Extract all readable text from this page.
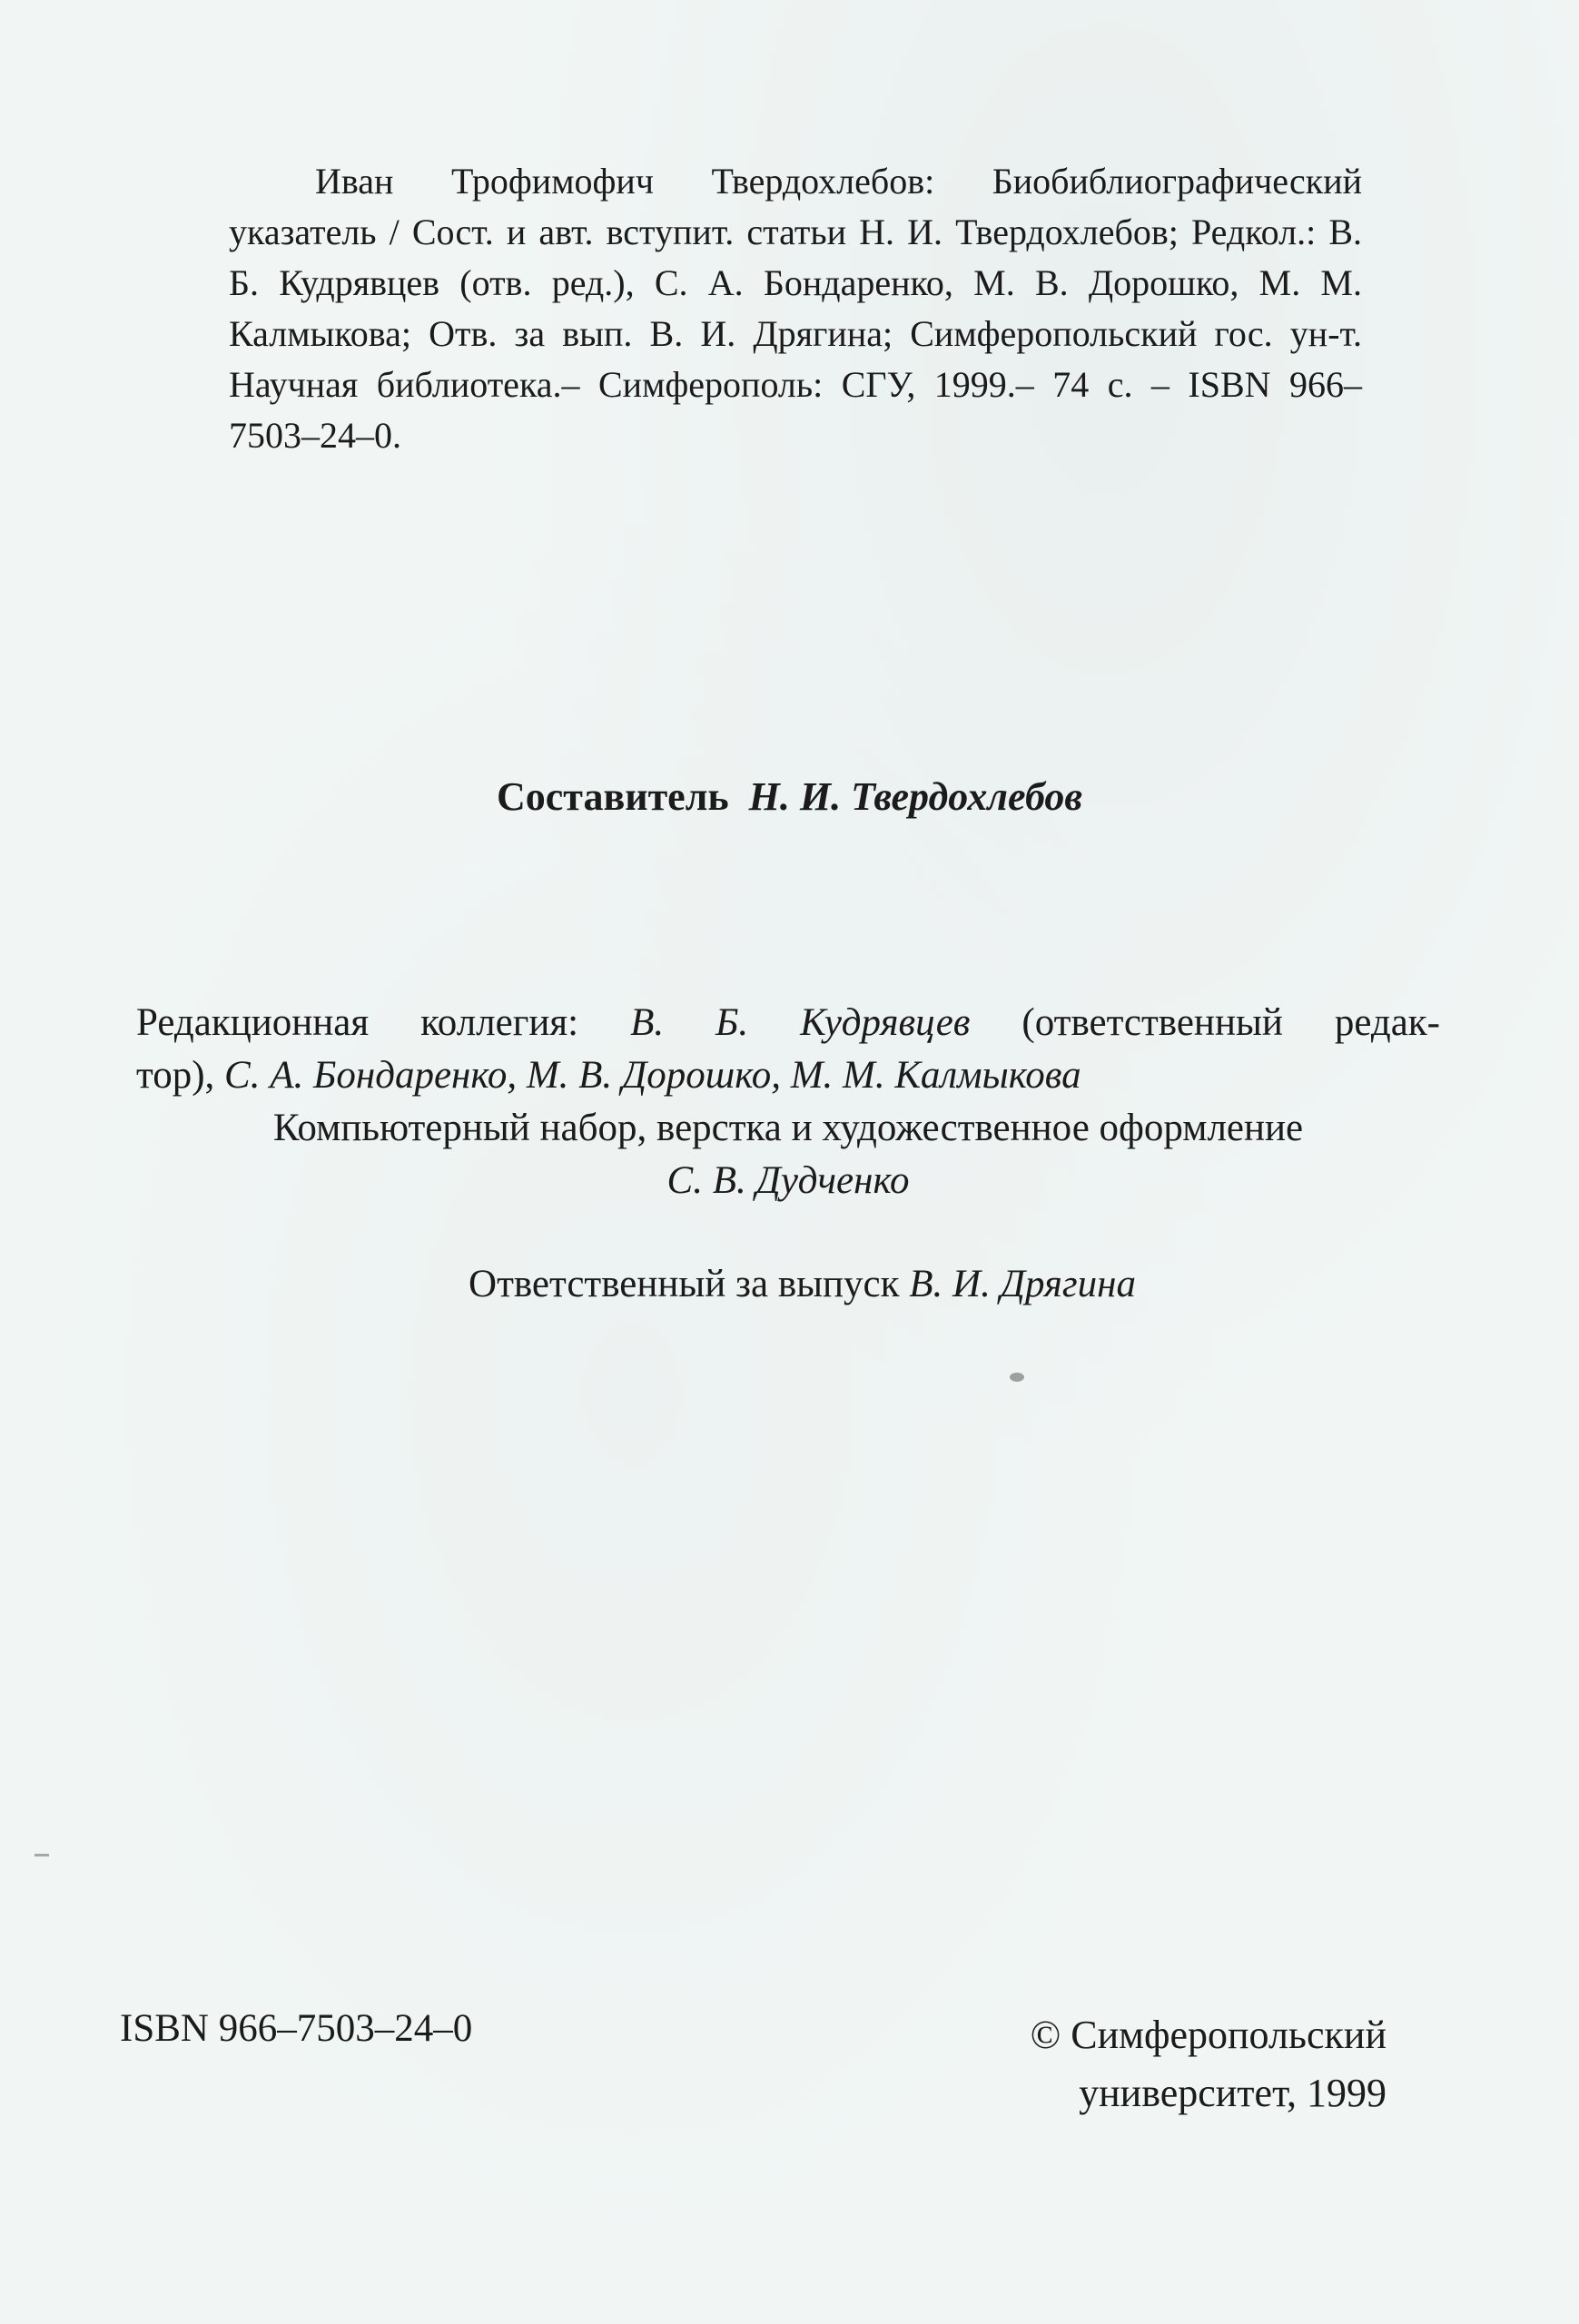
Иван Трофимофич Твердохлебов: Биобиблиографический указатель / Сост. и авт. вступит. статьи Н. И. Твердохлебов; Редкол.: В. Б. Кудрявцев (отв. ред.), С. А. Бондаренко, М. В. Дорошко, М. М. Калмыкова; Отв. за вып. В. И. Дрягина; Симферопольский гос. ун-т. Научная библиотека.– Симферополь: СГУ, 1999.– 74 с. – ISBN 966–7503–24–0.

Составитель Н. И. Твердохлебов
Редакционная коллегия: В. Б. Кудрявцев (ответственный редак-
тор), С. А. Бондаренко, М. В. Дорошко, М. М. Калмыкова
Компьютерный набор, верстка и художественное оформление
С. В. Дудченко
Ответственный за выпуск В. И. Дрягина
ISBN 966–7503–24–0	© Симферопольский
университет, 1999
